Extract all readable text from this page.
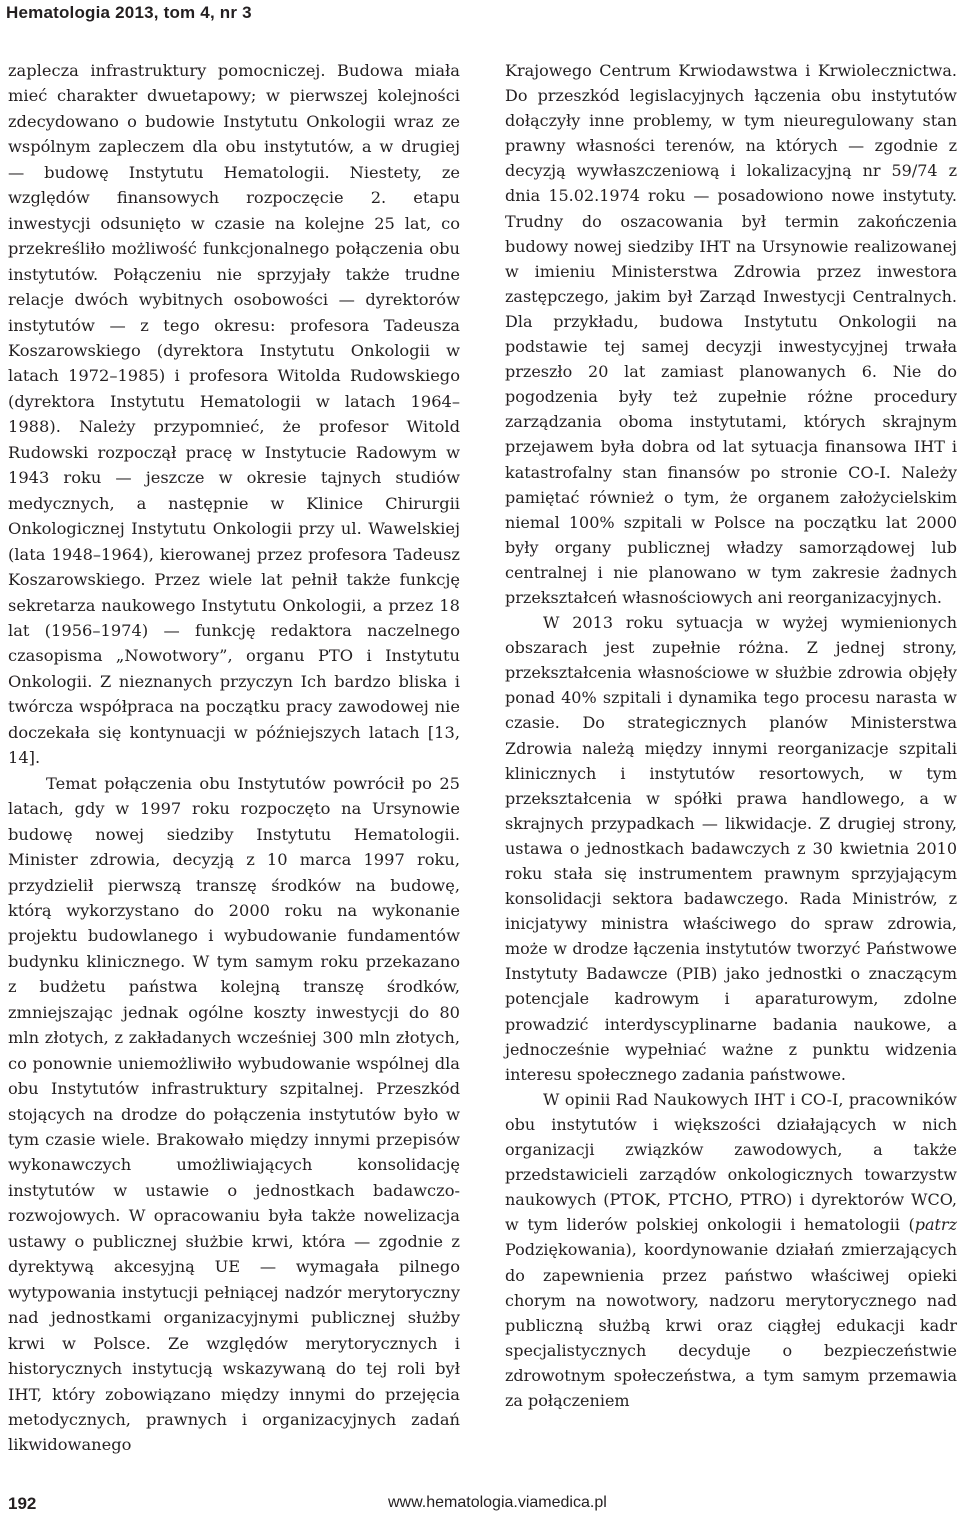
Hematologia 2013, tom 4, nr 3

zaplecza infrastruktury pomocniczej. Budowa miała mieć charakter dwuetapowy; w pierwszej kolejności zdecydowano o budowie Instytutu Onkologii wraz ze wspólnym zapleczem dla obu instytutów, a w drugiej — budowę Instytutu Hematologii. Niestety, ze względów finansowych rozpoczęcie 2. etapu inwestycji odsunięto w czasie na kolejne 25 lat, co przekreśliło możliwość funkcjonalnego połączenia obu instytutów. Połączeniu nie sprzyjały także trudne relacje dwóch wybitnych osobowości — dyrektorów instytutów — z tego okresu: profesora Tadeusza Koszarowskiego (dyrektora Instytutu Onkologii w latach 1972–1985) i profesora Witolda Rudowskiego (dyrektora Instytutu Hematologii w latach 1964–1988). Należy przypomnieć, że profesor Witold Rudowski rozpoczął pracę w Instytucie Radowym w 1943 roku — jeszcze w okresie tajnych studiów medycznych, a następnie w Klinice Chirurgii Onkologicznej Instytutu Onkologii przy ul. Wawelskiej (lata 1948–1964), kierowanej przez profesora Tadeusz Koszarowskiego. Przez wiele lat pełnił także funkcję sekretarza naukowego Instytutu Onkologii, a przez 18 lat (1956–1974) — funkcję redaktora naczelnego czasopisma „Nowotwory”, organu PTO i Instytutu Onkologii. Z nieznanych przyczyn Ich bardzo bliska i twórcza współpraca na początku pracy zawodowej nie doczekała się kontynuacji w późniejszych latach [13, 14].

Temat połączenia obu Instytutów powrócił po 25 latach, gdy w 1997 roku rozpoczęto na Ursynowie budowę nowej siedziby Instytutu Hematologii. Minister zdrowia, decyzją z 10 marca 1997 roku, przydzielił pierwszą transzę środków na budowę, którą wykorzystano do 2000 roku na wykonanie projektu budowlanego i wybudowanie fundamentów budynku klinicznego. W tym samym roku przekazano z budżetu państwa kolejną transzę środków, zmniejszając jednak ogólne koszty inwestycji do 80 mln złotych, z zakładanych wcześniej 300 mln złotych, co ponownie uniemożliwiło wybudowanie wspólnej dla obu Instytutów infrastruktury szpitalnej. Przeszkód stojących na drodze do połączenia instytutów było w tym czasie wiele. Brakowało między innymi przepisów wykonawczych umożliwiających konsolidację instytutów w ustawie o jednostkach badawczo-rozwojowych. W opracowaniu była także nowelizacja ustawy o publicznej służbie krwi, która — zgodnie z dyrektywą akcesyjną UE — wymagała pilnego wytypowania instytucji pełniącej nadzór merytoryczny nad jednostkami organizacyjnymi publicznej służby krwi w Polsce. Ze względów merytorycznych i historycznych instytucją wskazywaną do tej roli był IHT, który zobowiązano między innymi do przejęcia metodycznych, prawnych i organizacyjnych zadań likwidowanego

Krajowego Centrum Krwiodawstwa i Krwiolecznictwa. Do przeszkód legislacyjnych łączenia obu instytutów dołączyły inne problemy, w tym nieuregulowany stan prawny własności terenów, na których — zgodnie z decyzją wywłaszczeniową i lokalizacyjną nr 59/74 z dnia 15.02.1974 roku — posadowiono nowe instytuty. Trudny do oszacowania był termin zakończenia budowy nowej siedziby IHT na Ursynowie realizowanej w imieniu Ministerstwa Zdrowia przez inwestora zastępczego, jakim był Zarząd Inwestycji Centralnych. Dla przykładu, budowa Instytutu Onkologii na podstawie tej samej decyzji inwestycyjnej trwała przeszło 20 lat zamiast planowanych 6. Nie do pogodzenia były też zupełnie różne procedury zarządzania oboma instytutami, których skrajnym przejawem była dobra od lat sytuacja finansowa IHT i katastrofalny stan finansów po stronie CO-I. Należy pamiętać również o tym, że organem założycielskim niemal 100% szpitali w Polsce na początku lat 2000 były organy publicznej władzy samorządowej lub centralnej i nie planowano w tym zakresie żadnych przekształceń własnościowych ani reorganizacyjnych.

W 2013 roku sytuacja w wyżej wymienionych obszarach jest zupełnie różna. Z jednej strony, przekształcenia własnościowe w służbie zdrowia objęły ponad 40% szpitali i dynamika tego procesu narasta w czasie. Do strategicznych planów Ministerstwa Zdrowia należą między innymi reorganizacje szpitali klinicznych i instytutów resortowych, w tym przekształcenia w spółki prawa handlowego, a w skrajnych przypadkach — likwidacje. Z drugiej strony, ustawa o jednostkach badawczych z 30 kwietnia 2010 roku stała się instrumentem prawnym sprzyjającym konsolidacji sektora badawczego. Rada Ministrów, z inicjatywy ministra właściwego do spraw zdrowia, może w drodze łączenia instytutów tworzyć Państwowe Instytuty Badawcze (PIB) jako jednostki o znaczącym potencjale kadrowym i aparaturowym, zdolne prowadzić interdyscyplinarne badania naukowe, a jednocześnie wypełniać ważne z punktu widzenia interesu społecznego zadania państwowe.

W opinii Rad Naukowych IHT i CO-I, pracowników obu instytutów i większości działających w nich organizacji związków zawodowych, a także przedstawicieli zarządów onkologicznych towarzystw naukowych (PTOK, PTCHO, PTRO) i dyrektorów WCO, w tym liderów polskiej onkologii i hematologii (patrz Podziękowania), koordynowanie działań zmierzających do zapewnienia przez państwo właściwej opieki chorym na nowotwory, nadzoru merytorycznego nad publiczną służbą krwi oraz ciągłej edukacji kadr specjalistycznych decyduje o bezpieczeństwie zdrowotnym społeczeństwa, a tym samym przemawia za połączeniem

192	www.hematologia.viamedica.pl
